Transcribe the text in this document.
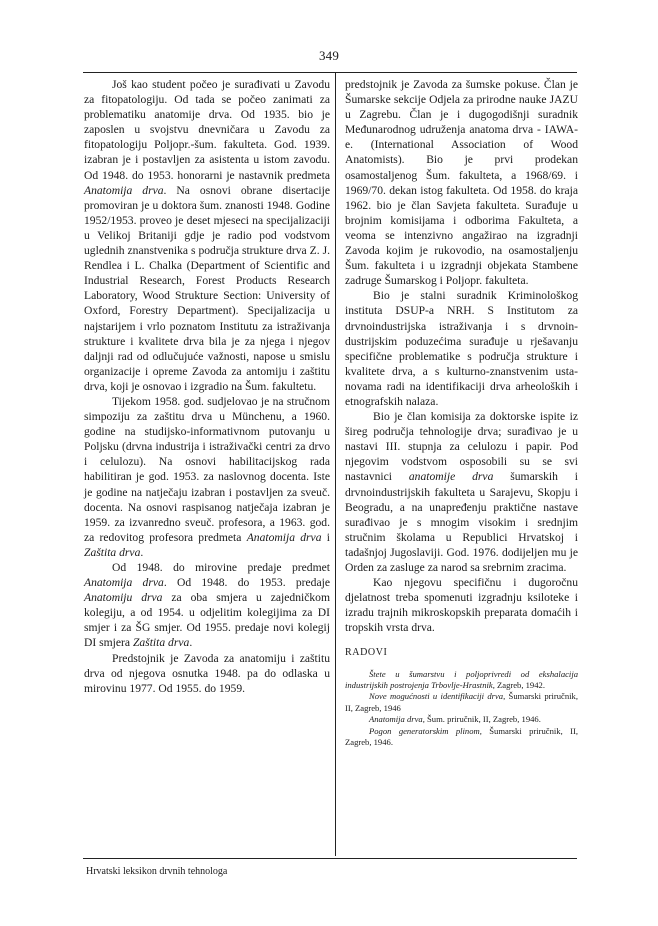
349

Još kao student počeo je surađivati u Zavodu za fitopatologiju. Od tada se počeo zanimati za problematiku anatomije drva. Od 1935. bio je zaposlen u svojstvu dnevničara u Zavodu za fitopatologiju Poljopr.-šum. fakulteta. God. 1939. izabran je i postavljen za asistenta u istom zavodu. Od 1948. do 1953. honorarni je nastavnik predmeta Anatomija drva. Na osnovi obrane disertacije promoviran je u doktora šum. znanosti 1948. Godine 1952/1953. proveo je deset mjeseci na specijalizaciji u Velikoj Britaniji gdje je radio pod vodstvom uglednih znanstvenika s područja strukture drva Z. J. Rendlea i L. Chalka (Department of Scientific and Industrial Research, Forest Products Research Laboratory, Wood Strukture Section: University of Oxford, Forestry Department). Specijalizacija u najstarijem i vrlo poznatom Institutu za istraživanja strukture i kvalitete drva bila je za njega i njegov daljnji rad od odlučujuće važnosti, napose u smislu organizacije i opreme Zavoda za antomiju i zaštitu drva, koji je osnovao i izgradio na Šum. fakultetu.

Tijekom 1958. god. sudjelovao je na stručnom simpoziju za zaštitu drva u Münchenu, a 1960. godine na studijsko-informativnom putovanju u Poljsku (drvna industrija i istraživački centri za drvo i celulozu). Na osnovi habilitacijskog rada habilitiran je god. 1953. za naslovnog docenta. Iste je godine na natječaju izabran i postavljen za sveuč. docenta. Na osnovi raspisanog natječaja izabran je 1959. za izvanredno sveuč. profesora, a 1963. god. za redovitog profesora predmeta Anatomija drva i Zaštita drva.

Od 1948. do mirovine predaje predmet Anatomija drva. Od 1948. do 1953. predaje Anatomiju drva za oba smjera u zajedničkom kolegiju, a od 1954. u odjelitim kolegijima za DI smjer i za ŠG smjer. Od 1955. predaje novi kolegij DI smjera Zaštita drva.

Predstojnik je Zavoda za anatomiju i zaštitu drva od njegova osnutka 1948. pa do odlaska u mirovinu 1977. Od 1955. do 1959.

predstojnik je Zavoda za šumske pokuse. Član je Šumarske sekcije Odjela za prirodne nauke JAZU u Zagrebu. Član je i dugogodišnji suradnik Međunarodnog udruženja anatoma drva - IAWA-e. (International Association of Wood Anatomists). Bio je prvi prodekan osamostaljenog Šum. fakulteta, a 1968/69. i 1969/70. dekan istog fakulteta. Od 1958. do kraja 1962. bio je član Savjeta fakulteta. Surađuje u brojnim komisijama i odborima Fakulteta, a veoma se intenzivno angažirao na izgradnji Zavoda kojim je rukovodio, na osamostaljenju Šum. fakulteta i u izgradnji objekata Stambene zadruge Šumarskog i Poljopr. fakulteta.

Bio je stalni suradnik Kriminološkog instituta DSUP-a NRH. S Institutom za drvnoindustrijska istraživanja i s drvnoindustrijskim poduzećima surađuje u rješavanju specifične problematike s područja strukture i kvalitete drva, a s kulturno-znanstvenim ustanovama radi na identifikaciji drva arheoloških i etnografskih nalaza.

Bio je član komisija za doktorske ispite iz šireg područja tehnologije drva; surađivao je u nastavi III. stupnja za celulozu i papir. Pod njegovim vodstvom osposobili su se svi nastavnici anatomije drva šumarskih i drvnoindustrijskih fakulteta u Sarajevu, Skopju i Beogradu, a na unapređenju praktične nastave surađivao je s mnogim visokim i srednjim stručnim školama u Republici Hrvatskoj i tadašnjoj Jugoslaviji. God. 1976. dodijeljen mu je Orden za zasluge za narod sa srebrnim zracima.

Kao njegovu specifičnu i dugoročnu djelatnost treba spomenuti izgradnju ksiloteke i izradu trajnih mikroskopskih preparata domaćih i tropskih vrsta drva.

RADOVI

Štete u šumarstvu i poljoprivredi od ekshalacija industrijskih postrojenja Trbovlje-Hrastnik, Zagreb, 1942.

Nove mogućnosti u identifikaciji drva, Šumarski priručnik, II, Zagreb, 1946

Anatomija drva, Šum. priručnik, II, Zagreb, 1946.

Pogon generatorskim plinom, Šumarski priručnik, II, Zagreb, 1946.

Hrvatski leksikon drvnih tehnologa
